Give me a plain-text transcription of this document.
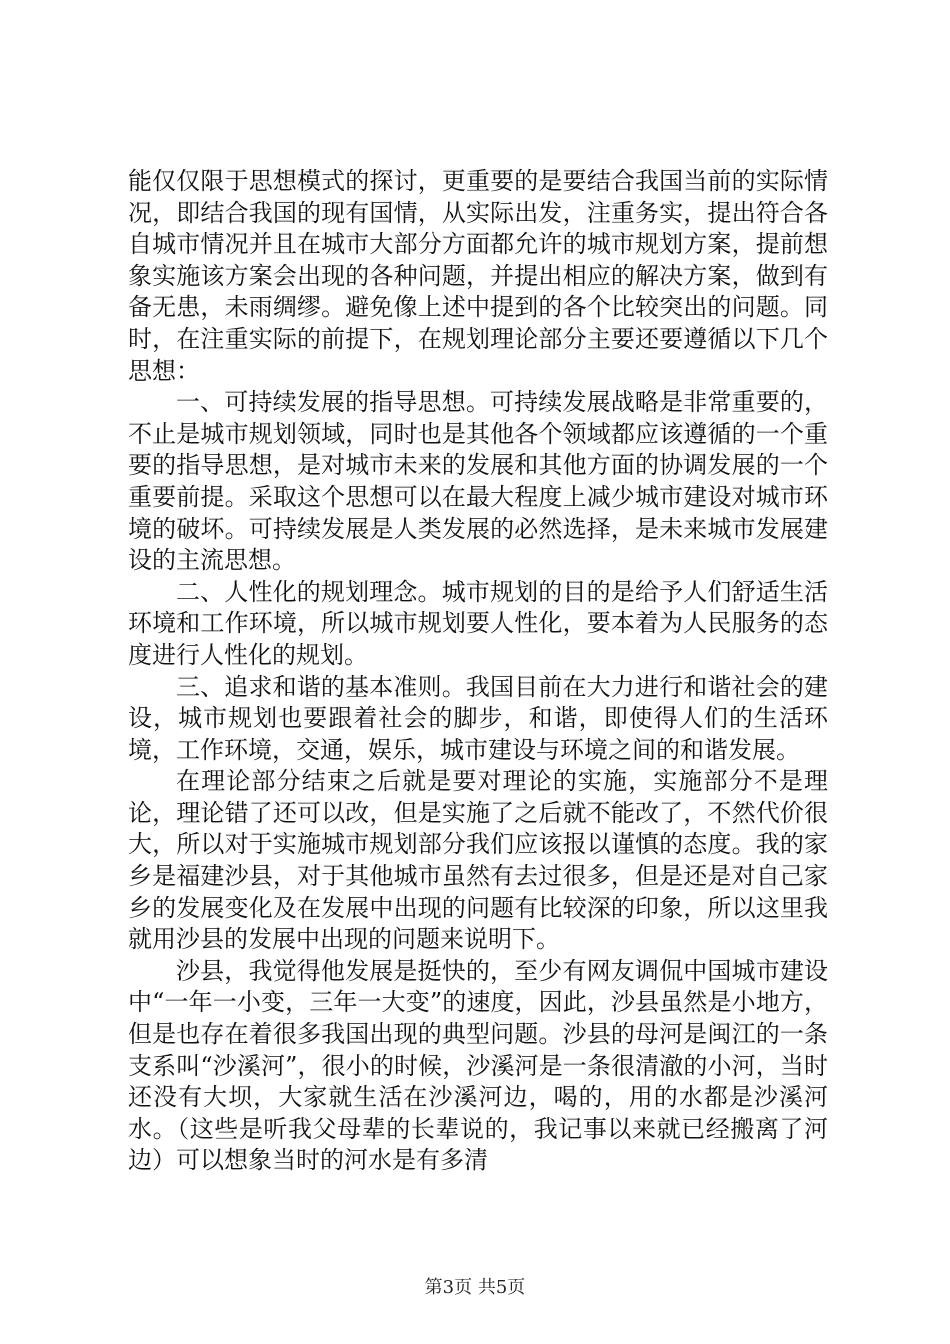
能仅仅限于思想模式的探讨，更重要的是要结合我国当前的实际情况，即结合我国的现有国情，从实际出发，注重务实，提出符合各自城市情况并且在城市大部分方面都允许的城市规划方案，提前想象实施该方案会出现的各种问题，并提出相应的解决方案，做到有备无患，未雨绸缪。避免像上述中提到的各个比较突出的问题。同时，在注重实际的前提下，在规划理论部分主要还要遵循以下几个思想：

一、可持续发展的指导思想。可持续发展战略是非常重要的，不止是城市规划领域，同时也是其他各个领域都应该遵循的一个重要的指导思想，是对城市未来的发展和其他方面的协调发展的一个重要前提。采取这个思想可以在最大程度上减少城市建设对城市环境的破坏。可持续发展是人类发展的必然选择，是未来城市发展建设的主流思想。

二、人性化的规划理念。城市规划的目的是给予人们舒适生活环境和工作环境，所以城市规划要人性化，要本着为人民服务的态度进行人性化的规划。

三、追求和谐的基本准则。我国目前在大力进行和谐社会的建设，城市规划也要跟着社会的脚步，和谐，即使得人们的生活环境，工作环境，交通，娱乐，城市建设与环境之间的和谐发展。

在理论部分结束之后就是要对理论的实施，实施部分不是理论，理论错了还可以改，但是实施了之后就不能改了，不然代价很大，所以对于实施城市规划部分我们应该报以谨慎的态度。我的家乡是福建沙县，对于其他城市虽然有去过很多，但是还是对自己家乡的发展变化及在发展中出现的问题有比较深的印象，所以这里我就用沙县的发展中出现的问题来说明下。

沙县，我觉得他发展是挺快的，至少有网友调侃中国城市建设中“一年一小变，三年一大变”的速度，因此，沙县虽然是小地方，但是也存在着很多我国出现的典型问题。沙县的母河是闽江的一条支系叫“沙溪河”，很小的时候，沙溪河是一条很清澈的小河，当时还没有大坝，大家就生活在沙溪河边，喝的，用的水都是沙溪河水。（这些是听我父母辈的长辈说的，我记事以来就已经搬离了河边）可以想象当时的河水是有多清

第3页 共5页
